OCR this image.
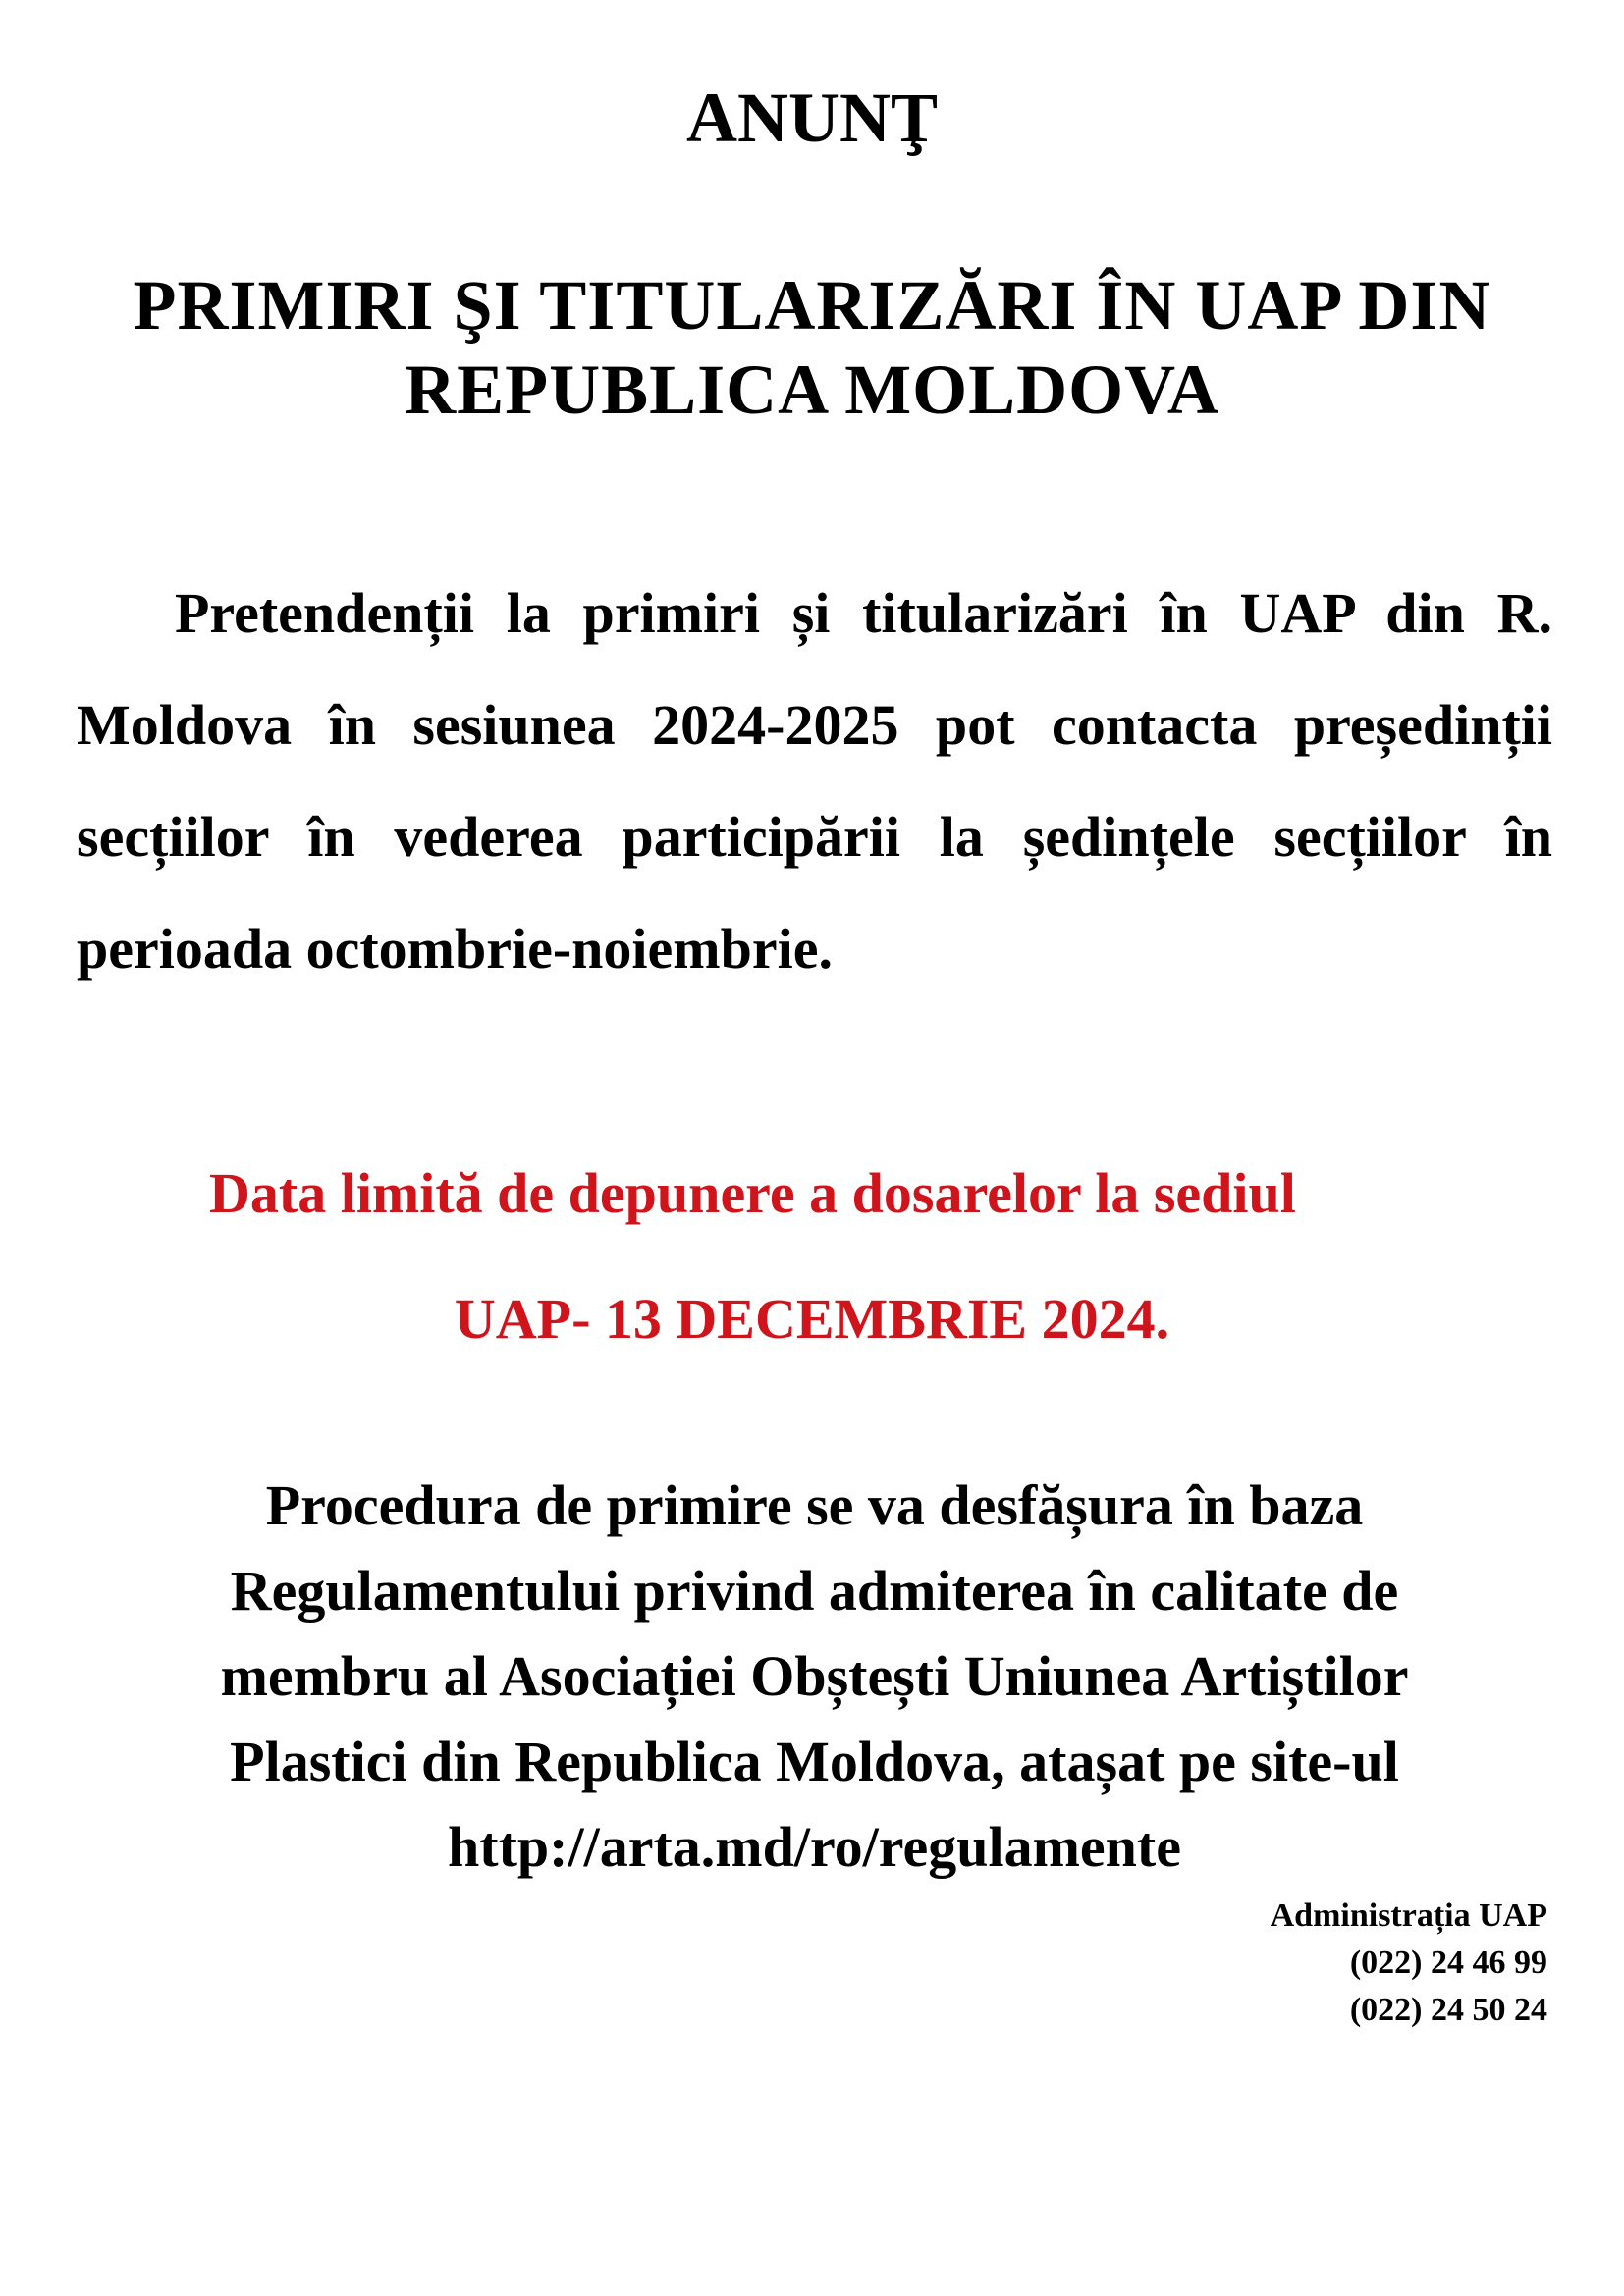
ANUNŢ
PRIMIRI ŞI TITULARIZĂRI ÎN UAP DIN REPUBLICA MOLDOVA

Pretendenții la primiri și titularizări în UAP din R. Moldova în sesiunea 2024-2025 pot contacta președinții secțiilor în vederea participării la ședințele secțiilor în perioada octombrie-noiembrie.

Data limită de depunere a dosarelor la sediul
UAP- 13 DECEMBRIE 2024.

Procedura de primire se va desfășura în baza
Regulamentului privind admiterea în calitate de
membru al Asociației Obștești Uniunea Artiștilor
Plastici din Republica Moldova, atașat pe site-ul
http://arta.md/ro/regulamente

Administrația UAP
(022) 24 46 99
(022) 24 50 24
